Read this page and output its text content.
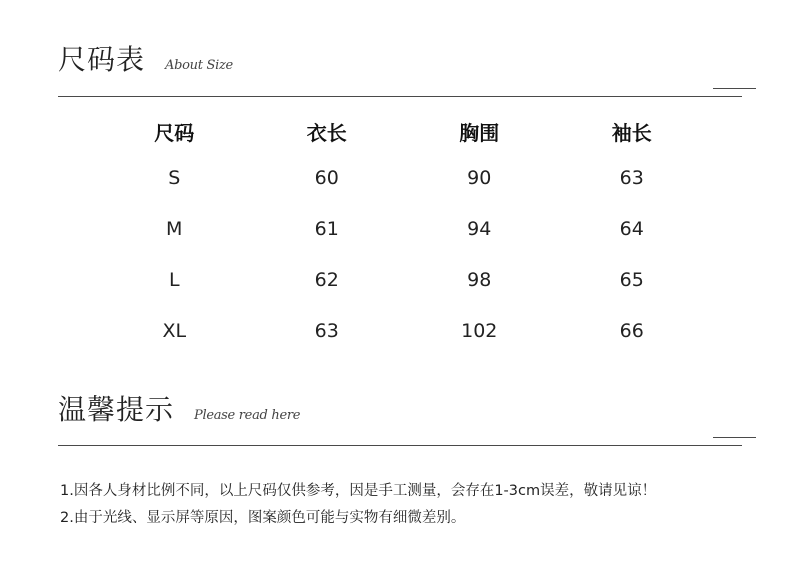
尺码表 About Size
尺码	衣长	胸围	袖长
S	60	90	63
M	61	94	64
L	62	98	65
XL	63	102	66
温馨提示 Please read here

1.因各人身材比例不同，以上尺码仅供参考，因是手工测量，会存在1-3cm误差，敬请见谅！

2.由于光线、显示屏等原因，图案颜色可能与实物有细微差别。
